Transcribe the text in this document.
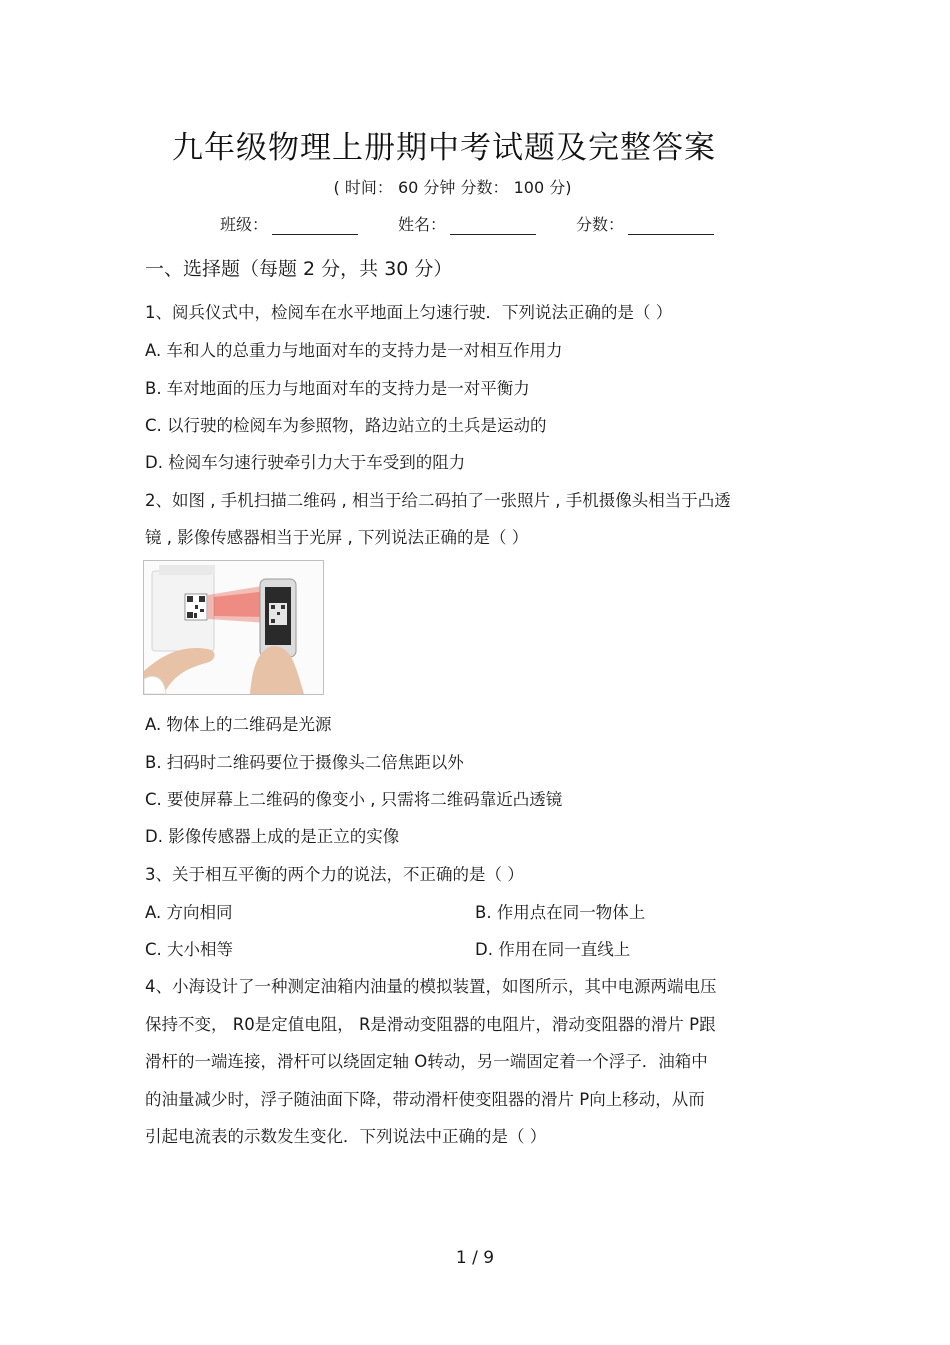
九年级物理上册期中考试题及完整答案
( 时间： 60 分钟 分数： 100 分)
班级：	姓名：	分数：
一、选择题（每题 2 分，共 30 分）
1、阅兵仪式中，检阅车在水平地面上匀速行驶．下列说法正确的是（ ）
A. 车和人的总重力与地面对车的支持力是一对相互作用力
B. 车对地面的压力与地面对车的支持力是一对平衡力
C. 以行驶的检阅车为参照物，路边站立的土兵是运动的
D. 检阅车匀速行驶牵引力大于车受到的阻力
2、如图 , 手机扫描二维码 , 相当于给二码拍了一张照片 , 手机摄像头相当于凸透
镜 , 影像传感器相当于光屏 , 下列说法正确的是（ ）
A. 物体上的二维码是光源
B. 扫码时二维码要位于摄像头二倍焦距以外
C. 要使屏幕上二维码的像变小 , 只需将二维码靠近凸透镜
D. 影像传感器上成的是正立的实像
3、关于相互平衡的两个力的说法，不正确的是（ ）
A. 方向相同	B. 作用点在同一物体上
C. 大小相等	D. 作用在同一直线上
4、小海设计了一种测定油箱内油量的模拟装置，如图所示，其中电源两端电压
保持不变， R0是定值电阻， R是滑动变阻器的电阻片，滑动变阻器的滑片 P跟
滑杆的一端连接，滑杆可以绕固定轴 O转动，另一端固定着一个浮子．油箱中
的油量减少时，浮子随油面下降，带动滑杆使变阻器的滑片 P向上移动，从而
引起电流表的示数发生变化．下列说法中正确的是（ ）
1 / 9
